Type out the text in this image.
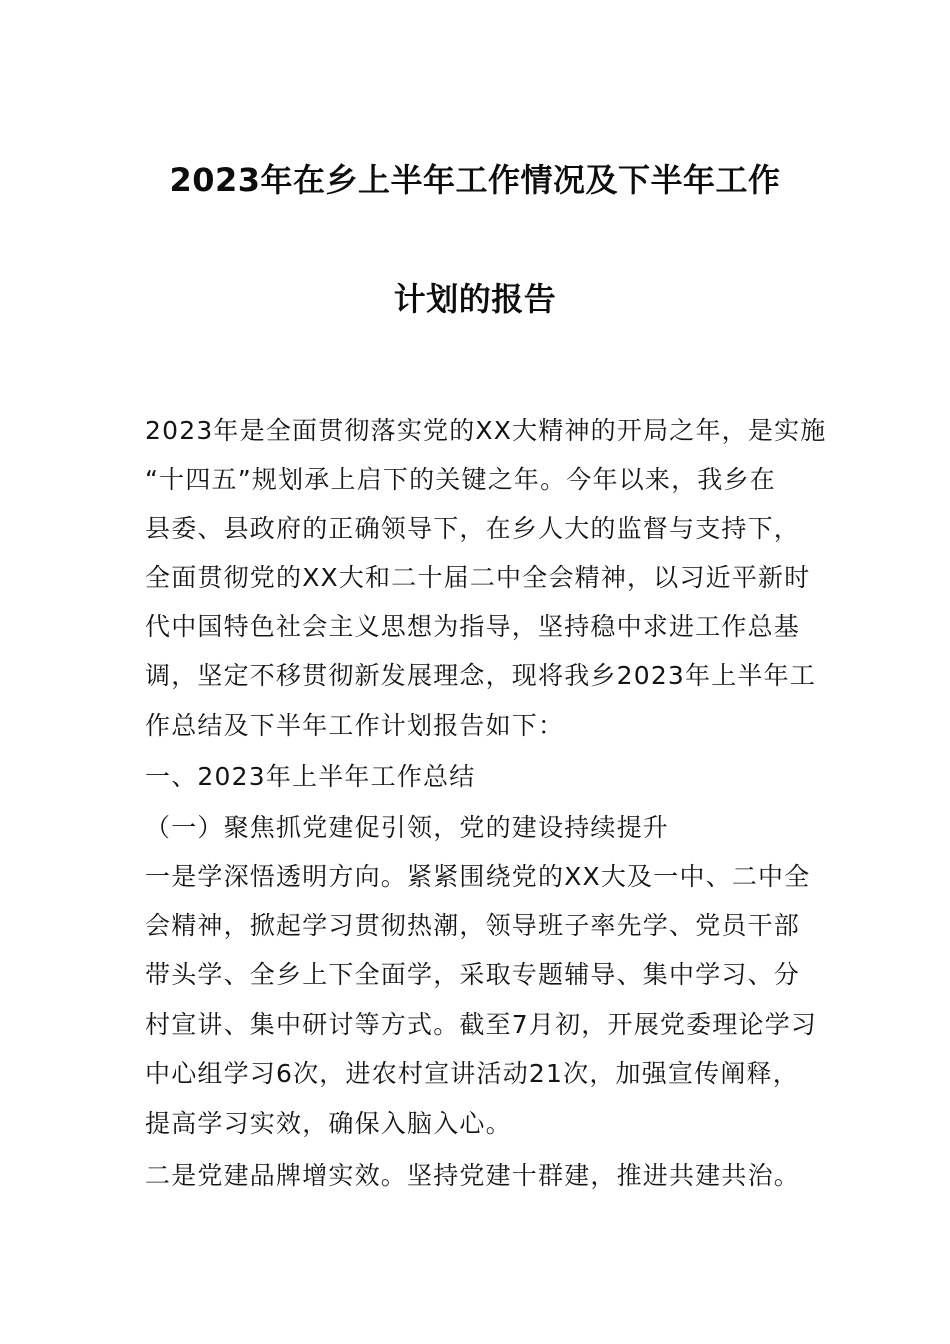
2023年在乡上半年工作情况及下半年工作
计划的报告
2023年是全面贯彻落实党的XX大精神的开局之年，是实施
“十四五”规划承上启下的关键之年。今年以来，我乡在
县委、县政府的正确领导下，在乡人大的监督与支持下，
全面贯彻党的XX大和二十届二中全会精神，以习近平新时
代中国特色社会主义思想为指导，坚持稳中求进工作总基
调，坚定不移贯彻新发展理念，现将我乡2023年上半年工
作总结及下半年工作计划报告如下：
一、2023年上半年工作总结
（一）聚焦抓党建促引领，党的建设持续提升
一是学深悟透明方向。紧紧围绕党的XX大及一中、二中全
会精神，掀起学习贯彻热潮，领导班子率先学、党员干部
带头学、全乡上下全面学，采取专题辅导、集中学习、分
村宣讲、集中研讨等方式。截至7月初，开展党委理论学习
中心组学习6次，进农村宣讲活动21次，加强宣传阐释，
提高学习实效，确保入脑入心。
二是党建品牌增实效。坚持党建十群建，推进共建共治。
